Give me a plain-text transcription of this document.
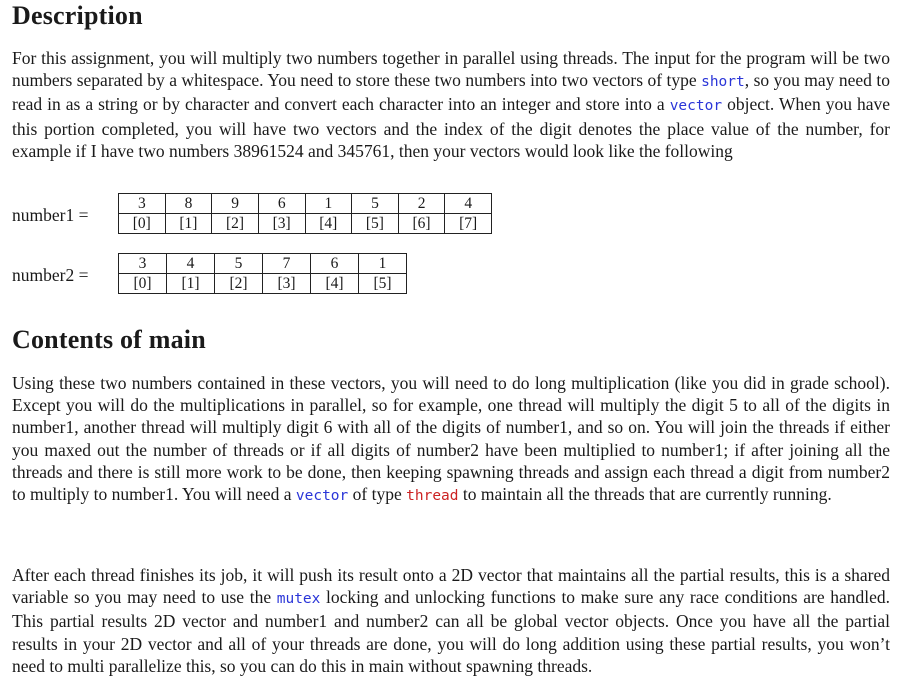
Description

For this assignment, you will multiply two numbers together in parallel using threads. The input for the program will be two numbers separated by a whitespace. You need to store these two numbers into two vectors of type short, so you may need to read in as a string or by character and convert each character into an integer and store into a vector object. When you have this portion completed, you will have two vectors and the index of the digit denotes the place value of the number, for example if I have two numbers 38961524 and 345761, then your vectors would look like the following

number1 =
3	8	9	6	1	5	2	4
[0]	[1]	[2]	[3]	[4]	[5]	[6]	[7]
number2 =
3	4	5	7	6	1
[0]	[1]	[2]	[3]	[4]	[5]
Contents of main

Using these two numbers contained in these vectors, you will need to do long multiplication (like you did in grade school). Except you will do the multiplications in parallel, so for example, one thread will multiply the digit 5 to all of the digits in number1, another thread will multiply digit 6 with all of the digits of number1, and so on. You will join the threads if either you maxed out the number of threads or if all digits of number2 have been multiplied to number1; if after joining all the threads and there is still more work to be done, then keeping spawning threads and assign each thread a digit from number2 to multiply to number1. You will need a vector of type thread to maintain all the threads that are currently running.

After each thread finishes its job, it will push its result onto a 2D vector that maintains all the partial results, this is a shared variable so you may need to use the mutex locking and unlocking functions to make sure any race conditions are handled. This partial results 2D vector and number1 and number2 can all be global vector objects. Once you have all the partial results in your 2D vector and all of your threads are done, you will do long addition using these partial results, you won’t need to multi parallelize this, so you can do this in main without spawning threads.
